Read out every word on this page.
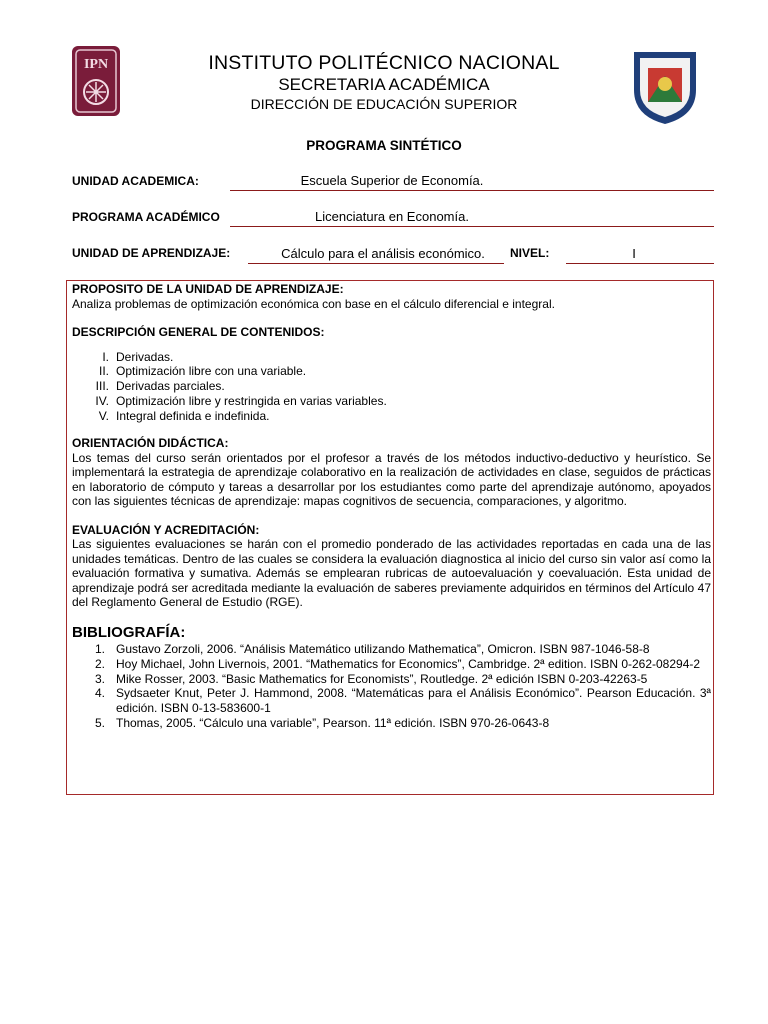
IPN	INSTITUTO POLITÉCNICO NACIONAL
SECRETARIA ACADÉMICA
DIRECCIÓN DE EDUCACIÓN SUPERIOR
PROGRAMA SINTÉTICO
UNIDAD ACADEMICA:	Escuela Superior de Economía.
PROGRAMA ACADÉMICO	Licenciatura en Economía.
UNIDAD DE APRENDIZAJE:	Cálculo para el análisis económico.	NIVEL:	I
PROPOSITO DE LA UNIDAD DE APRENDIZAJE:
Analiza problemas de optimización económica con base en el cálculo diferencial e integral.
DESCRIPCIÓN GENERAL DE CONTENIDOS:
I. Derivadas.
II. Optimización libre con una variable.
III. Derivadas parciales.
IV. Optimización libre y restringida en varias variables.
V. Integral definida e indefinida.
ORIENTACIÓN DIDÁCTICA:
Los temas del curso serán orientados por el profesor a través de los métodos inductivo-deductivo y heurístico. Se implementará la estrategia de aprendizaje colaborativo en la realización de actividades en clase, seguidos de prácticas en laboratorio de cómputo y tareas a desarrollar por los estudiantes como parte del aprendizaje autónomo, apoyados con las siguientes técnicas de aprendizaje: mapas cognitivos de secuencia, comparaciones, y algoritmo.
EVALUACIÓN Y ACREDITACIÓN:
Las siguientes evaluaciones se harán con el promedio ponderado de las actividades reportadas en cada una de las unidades temáticas. Dentro de las cuales se considera la evaluación diagnostica al inicio del curso sin valor así como la evaluación formativa y sumativa. Además se emplearan rubricas de autoevaluación y coevaluación. Esta unidad de aprendizaje podrá ser acreditada mediante la evaluación de saberes previamente adquiridos en términos del Artículo 47 del Reglamento General de Estudio (RGE).
BIBLIOGRAFÍA:
1. Gustavo Zorzoli, 2006. “Análisis Matemático utilizando Mathematica”, Omicron. ISBN 987-1046-58-8
2. Hoy Michael, John Livernois, 2001. “Mathematics for Economics”, Cambridge. 2ª edition. ISBN 0-262-08294-2
3. Mike Rosser, 2003. “Basic Mathematics for Economists”, Routledge. 2ª edición ISBN 0-203-42263-5
4. Sydsaeter Knut, Peter J. Hammond, 2008. “Matemáticas para el Análisis Económico”. Pearson Educación. 3ª edición. ISBN 0-13-583600-1
5. Thomas, 2005. “Cálculo una variable”, Pearson. 11ª edición. ISBN 970-26-0643-8
